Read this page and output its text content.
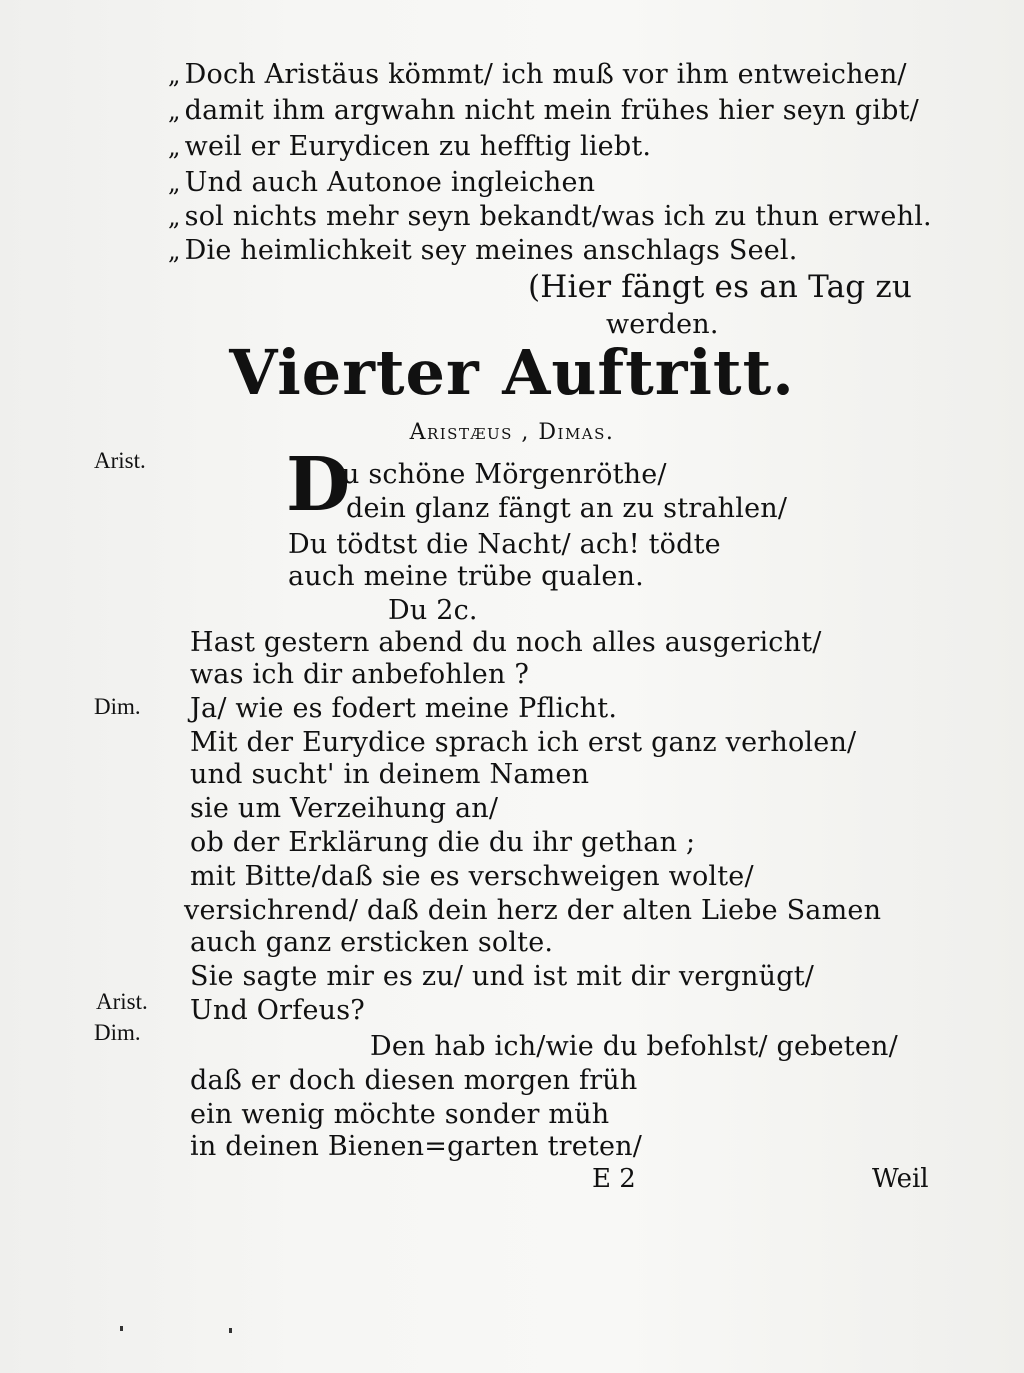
„ Doch Aristäus kömmt/ ich muß vor ihm entweichen/
„ damit ihm argwahn nicht mein frühes hier seyn gibt/
„ weil er Eurydicen zu hefftig liebt.
„ Und auch Autonoe ingleichen
„ sol nichts mehr seyn bekandt/was ich zu thun erwehl.
„ Die heimlichkeit sey meines anschlags Seel.
(Hier fängt es an Tag zu
werden.
Vierter Auftritt.
Aristæus , Dimas.
Arist.
Dim.
Arist.
Dim.
D
u schöne Mörgenröthe/
dein glanz fängt an zu strahlen/
Du tödtst die Nacht/ ach! tödte
auch meine trübe qualen.
Du 2c.
Hast gestern abend du noch alles ausgericht/
was ich dir anbefohlen ?
Ja/ wie es fodert meine Pflicht.
Mit der Eurydice sprach ich erst ganz verholen/
und sucht' in deinem Namen
sie um Verzeihung an/
ob der Erklärung die du ihr gethan ;
mit Bitte/daß sie es verschweigen wolte/
versichrend/ daß dein herz der alten Liebe Samen
auch ganz ersticken solte.
Sie sagte mir es zu/ und ist mit dir vergnügt/
Und Orfeus?
Den hab ich/wie du befohlst/ gebeten/
daß er doch diesen morgen früh
ein wenig möchte sonder müh
in deinen Bienen=garten treten/
E 2	Weil
